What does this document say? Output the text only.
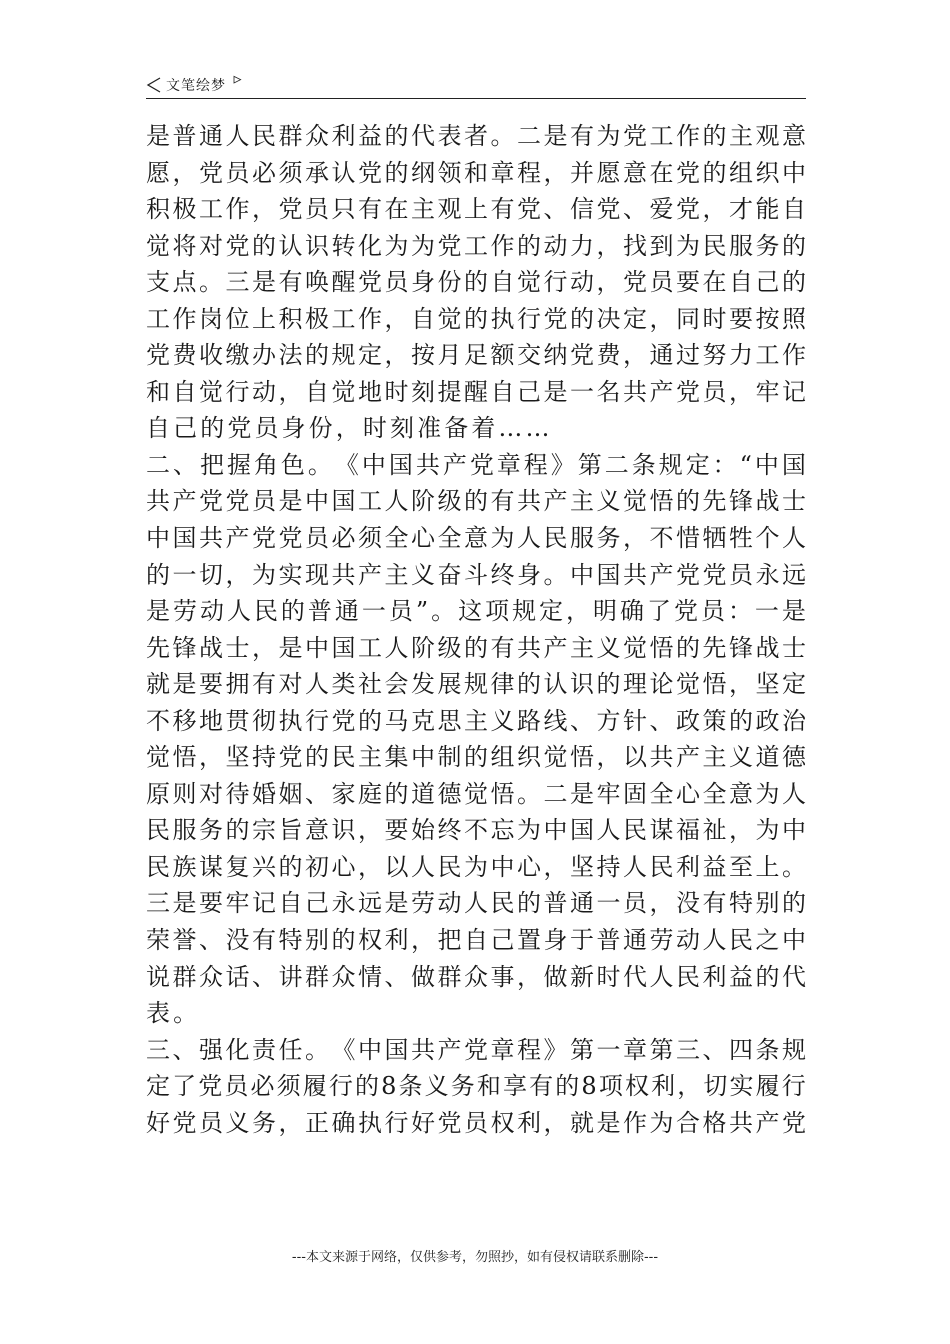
文笔绘梦
是 普 通 人 民 群 众 利 益 的 代 表 者 。 二 是 有 为 党 工 作 的 主 观 意
愿 ， 党 员 必 须 承 认 党 的 纲 领 和 章 程 ， 并 愿 意 在 党 的 组 织 中
积 极 工 作 ， 党 员 只 有 在 主 观 上 有 党 、 信 党 、 爱 党 ， 才 能 自
觉 将 对 党 的 认 识 转 化 为 为 党 工 作 的 动 力 ， 找 到 为 民 服 务 的
支 点 。 三 是 有 唤 醒 党 员 身 份 的 自 觉 行 动 ， 党 员 要 在 自 己 的
工 作 岗 位 上 积 极 工 作 ， 自 觉 的 执 行 党 的 决 定 ， 同 时 要 按 照
党 费 收 缴 办 法 的 规 定 ， 按 月 足 额 交 纳 党 费 ， 通 过 努 力 工 作
和 自 觉 行 动 ， 自 觉 地 时 刻 提 醒 自 己 是 一 名 共 产 党 员 ， 牢 记
自 己 的 党 员 身 份 ， 时 刻 准 备 着 … …
二 、 把 握 角 色 。 《 中 国 共 产 党 章 程 》 第 二 条 规 定 ： “ 中 国
共 产 党 党 员 是 中 国 工 人 阶 级 的 有 共 产 主 义 觉 悟 的 先 锋 战 士
中 国 共 产 党 党 员 必 须 全 心 全 意 为 人 民 服 务 ， 不 惜 牺 牲 个 人
的 一 切 ， 为 实 现 共 产 主 义 奋 斗 终 身 。 中 国 共 产 党 党 员 永 远
是 劳 动 人 民 的 普 通 一 员 ” 。 这 项 规 定 ， 明 确 了 党 员 ： 一 是
先 锋 战 士 ， 是 中 国 工 人 阶 级 的 有 共 产 主 义 觉 悟 的 先 锋 战 士
就 是 要 拥 有 对 人 类 社 会 发 展 规 律 的 认 识 的 理 论 觉 悟 ， 坚 定
不 移 地 贯 彻 执 行 党 的 马 克 思 主 义 路 线 、 方 针 、 政 策 的 政 治
觉 悟 ， 坚 持 党 的 民 主 集 中 制 的 组 织 觉 悟 ， 以 共 产 主 义 道 德
原 则 对 待 婚 姻 、 家 庭 的 道 德 觉 悟 。 二 是 牢 固 全 心 全 意 为 人
民 服 务 的 宗 旨 意 识 ， 要 始 终 不 忘 为 中 国 人 民 谋 福 祉 ， 为 中
民 族 谋 复 兴 的 初 心 ， 以 人 民 为 中 心 ， 坚 持 人 民 利 益 至 上 。
三 是 要 牢 记 自 己 永 远 是 劳 动 人 民 的 普 通 一 员 ， 没 有 特 别 的
荣 誉 、 没 有 特 别 的 权 利 ， 把 自 己 置 身 于 普 通 劳 动 人 民 之 中
说 群 众 话 、 讲 群 众 情 、 做 群 众 事 ， 做 新 时 代 人 民 利 益 的 代
表 。
三 、 强 化 责 任 。 《 中 国 共 产 党 章 程 》 第 一 章 第 三 、 四 条 规
定 了 党 员 必 须 履 行 的 8 条 义 务 和 享 有 的 8 项 权 利 ， 切 实 履 行
好 党 员 义 务 ， 正 确 执 行 好 党 员 权 利 ， 就 是 作 为 合 格 共 产 党
---本文来源于网络，仅供参考，勿照抄，如有侵权请联系删除---
